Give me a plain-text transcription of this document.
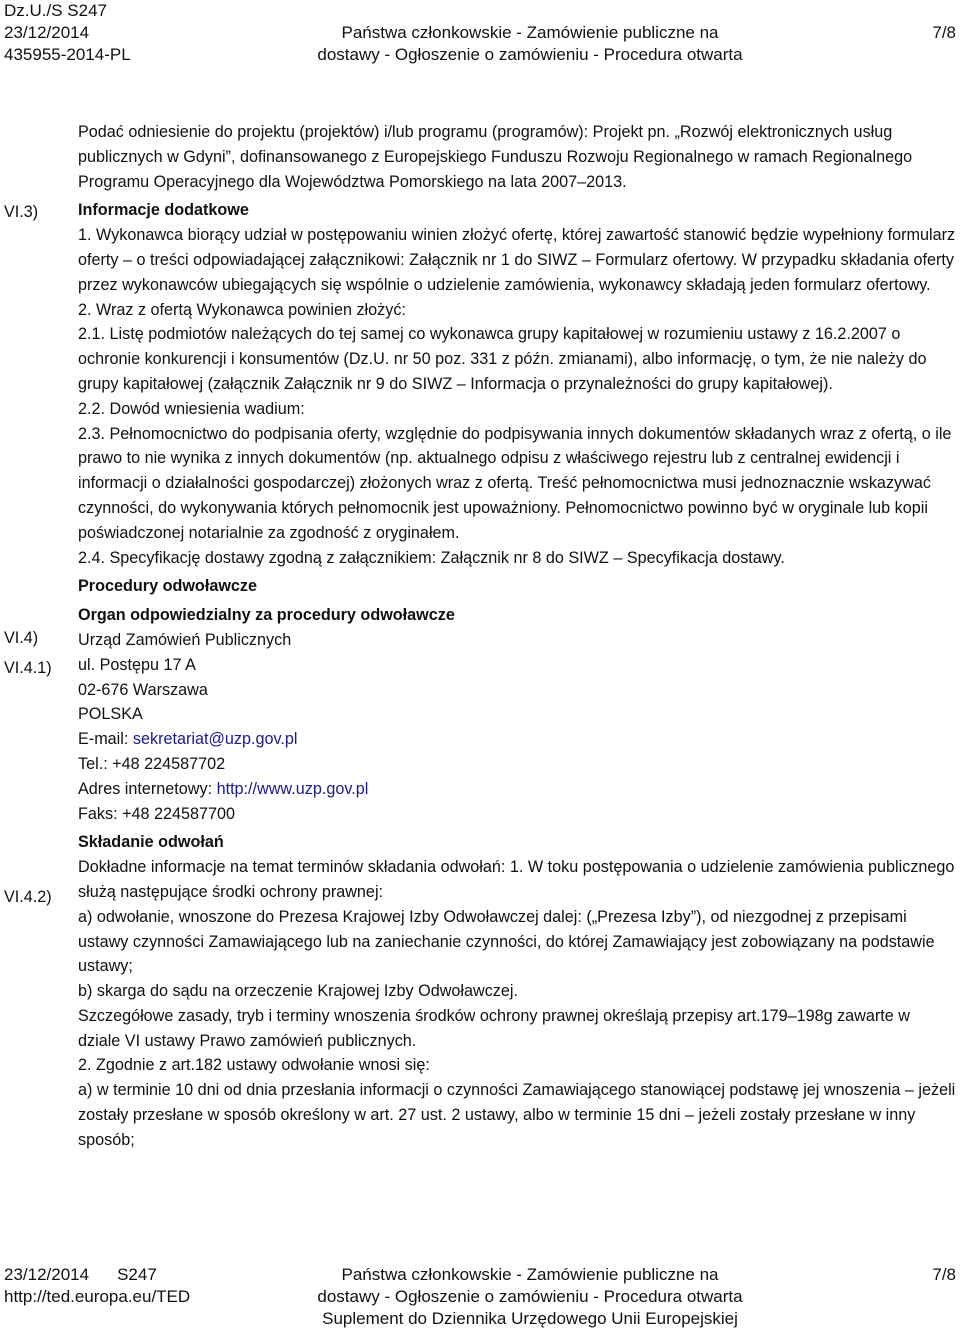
Dz.U./S S247
23/12/2014
435955-2014-PL
Państwa członkowskie - Zamówienie publiczne na
dostawy - Ogłoszenie o zamówieniu - Procedura otwarta
7/8
VI.3)
VI.4)
VI.4.1)
VI.4.2)

Podać odniesienie do projektu (projektów) i/lub programu (programów): Projekt pn. „Rozwój elektronicznych usług publicznych w Gdyni”, dofinansowanego z Europejskiego Funduszu Rozwoju Regionalnego w ramach Regionalnego Programu Operacyjnego dla Województwa Pomorskiego na lata 2007–2013.

Informacje dodatkowe

1. Wykonawca biorący udział w postępowaniu winien złożyć ofertę, której zawartość stanowić będzie wypełniony formularz oferty – o treści odpowiadającej załącznikowi: Załącznik nr 1 do SIWZ – Formularz ofertowy. W przypadku składania oferty przez wykonawców ubiegających się wspólnie o udzielenie zamówienia, wykonawcy składają jeden formularz ofertowy.

2. Wraz z ofertą Wykonawca powinien złożyć:

2.1. Listę podmiotów należących do tej samej co wykonawca grupy kapitałowej w rozumieniu ustawy z 16.2.2007 o ochronie konkurencji i konsumentów (Dz.U. nr 50 poz. 331 z późn. zmianami), albo informację, o tym, że nie należy do grupy kapitałowej (załącznik Załącznik nr 9 do SIWZ – Informacja o przynależności do grupy kapitałowej).

2.2. Dowód wniesienia wadium:

2.3. Pełnomocnictwo do podpisania oferty, względnie do podpisywania innych dokumentów składanych wraz z ofertą, o ile prawo to nie wynika z innych dokumentów (np. aktualnego odpisu z właściwego rejestru lub z centralnej ewidencji i informacji o działalności gospodarczej) złożonych wraz z ofertą. Treść pełnomocnictwa musi jednoznacznie wskazywać czynności, do wykonywania których pełnomocnik jest upoważniony. Pełnomocnictwo powinno być w oryginale lub kopii poświadczonej notarialnie za zgodność z oryginałem.

2.4. Specyfikację dostawy zgodną z załącznikiem: Załącznik nr 8 do SIWZ – Specyfikacja dostawy.

Procedury odwoławcze

Organ odpowiedzialny za procedury odwoławcze

Urząd Zamówień Publicznych

ul. Postępu 17 A

02-676 Warszawa

POLSKA

E-mail: sekretariat@uzp.gov.pl

Tel.: +48 224587702

Adres internetowy: http://www.uzp.gov.pl

Faks: +48 224587700

Składanie odwołań

Dokładne informacje na temat terminów składania odwołań: 1. W toku postępowania o udzielenie zamówienia publicznego służą następujące środki ochrony prawnej:

a) odwołanie, wnoszone do Prezesa Krajowej Izby Odwoławczej dalej: („Prezesa Izby”), od niezgodnej z przepisami ustawy czynności Zamawiającego lub na zaniechanie czynności, do której Zamawiający jest zobowiązany na podstawie ustawy;

b) skarga do sądu na orzeczenie Krajowej Izby Odwoławczej.

Szczegółowe zasady, tryb i terminy wnoszenia środków ochrony prawnej określają przepisy art.179–198g zawarte w dziale VI ustawy Prawo zamówień publicznych.

2. Zgodnie z art.182 ustawy odwołanie wnosi się:

a) w terminie 10 dni od dnia przesłania informacji o czynności Zamawiającego stanowiącej podstawę jej wnoszenia – jeżeli zostały przesłane w sposób określony w art. 27 ust. 2 ustawy, albo w terminie 15 dni – jeżeli zostały przesłane w inny sposób;

23/12/2014 S247
http://ted.europa.eu/TED
Państwa członkowskie - Zamówienie publiczne na
dostawy - Ogłoszenie o zamówieniu - Procedura otwarta
Suplement do Dziennika Urzędowego Unii Europejskiej
7/8
